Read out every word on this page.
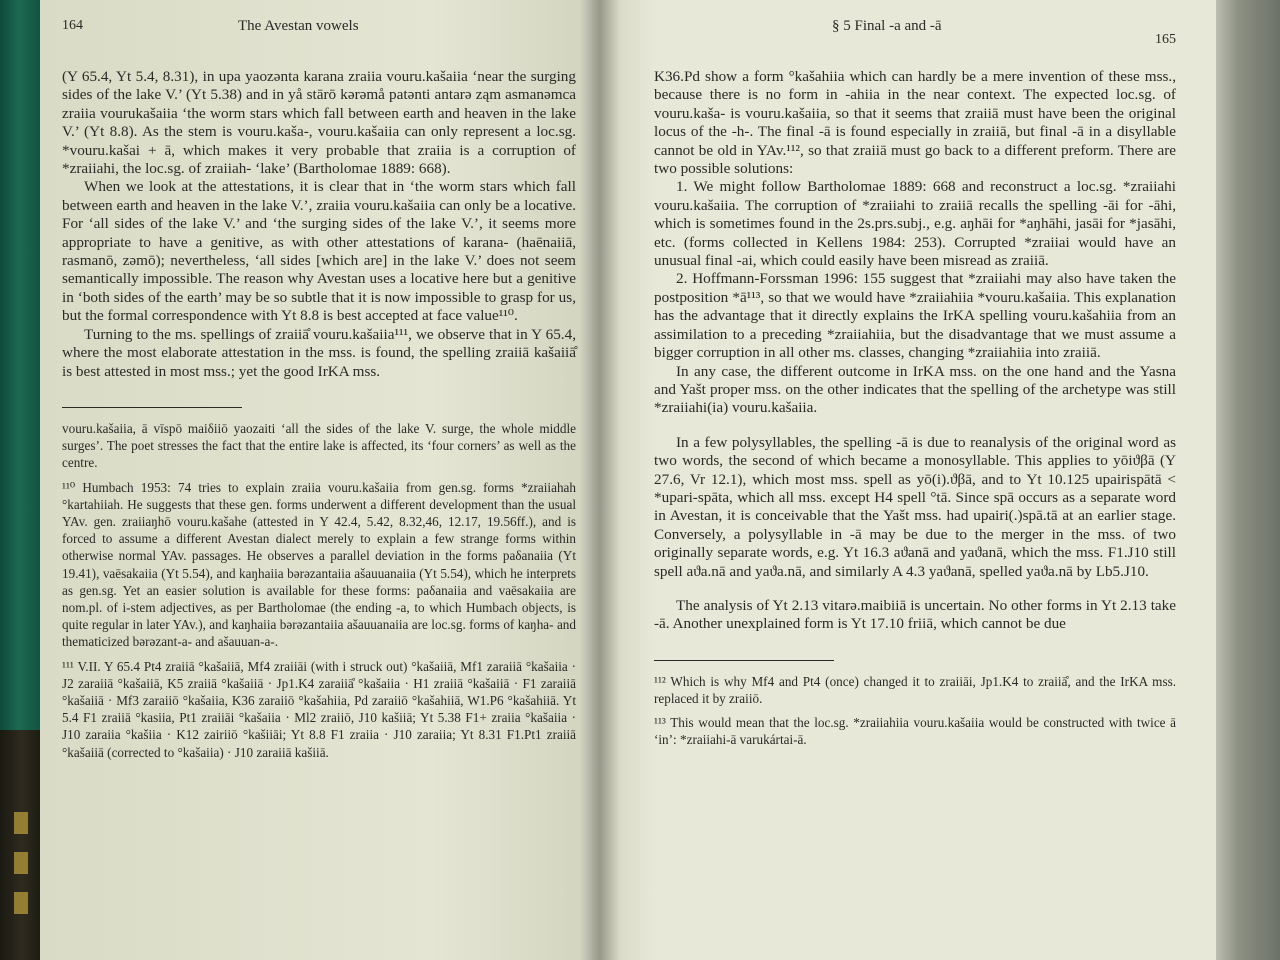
164	The Avestan vowels

(Y 65.4, Yt 5.4, 8.31), in upa yaozənta karana zraiia vouru.kašaiia ‘near the surging sides of the lake V.’ (Yt 5.38) and in yå stārō kərəmå patənti antarə ząm asmanəmca zraiia vourukašaiia ‘the worm stars which fall between earth and heaven in the lake V.’ (Yt 8.8). As the stem is vouru.kaša-, vouru.kašaiia can only represent a loc.sg. *vouru.kašai + ā, which makes it very probable that zraiia is a corruption of *zraiiahi, the loc.sg. of zraiiah- ‘lake’ (Bartholomae 1889: 668).

When we look at the attestations, it is clear that in ‘the worm stars which fall between earth and heaven in the lake V.’, zraiia vouru.kašaiia can only be a locative. For ‘all sides of the lake V.’ and ‘the surging sides of the lake V.’, it seems more appropriate to have a genitive, as with other attestations of karana- (haēnaiiā, rasmanō, zəmō); nevertheless, ‘all sides [which are] in the lake V.’ does not seem semantically impossible. The reason why Avestan uses a locative here but a genitive in ‘both sides of the earth’ may be so subtle that it is now impossible to grasp for us, but the formal correspondence with Yt 8.8 is best accepted at face value¹¹⁰.

Turning to the ms. spellings of zraiiā̊ vouru.kašaiia¹¹¹, we observe that in Y 65.4, where the most elaborate attestation in the mss. is found, the spelling zraiiā kašaiiā̊ is best attested in most mss.; yet the good IrKA mss.

vouru.kašaiia, ā vīspō maiδiiō yaozaiti ‘all the sides of the lake V. surge, the whole middle surges’. The poet stresses the fact that the entire lake is affected, its ‘four corners’ as well as the centre.
¹¹⁰ Humbach 1953: 74 tries to explain zraiia vouru.kašaiia from gen.sg. forms *zraiiahah °kartahiiah. He suggests that these gen. forms underwent a different development than the usual YAv. gen. zraiiaŋhō vouru.kašahe (attested in Y 42.4, 5.42, 8.32,46, 12.17, 19.56ff.), and is forced to assume a different Avestan dialect merely to explain a few strange forms within otherwise normal YAv. passages. He observes a parallel deviation in the forms paδanaiia (Yt 19.41), vaēsakaiia (Yt 5.54), and kaŋhaiia bərəzantaiia ašauuanaiia (Yt 5.54), which he interprets as gen.sg. Yet an easier solution is available for these forms: paδanaiia and vaēsakaiia are nom.pl. of i-stem adjectives, as per Bartholomae (the ending -a, to which Humbach objects, is quite regular in later YAv.), and kaŋhaiia bərəzantaiia ašauuanaiia are loc.sg. forms of kaŋha- and thematicized bərəzant-a- and ašauuan-a-.
¹¹¹ V.II. Y 65.4 Pt4 zraiiā °kašaiiā, Mf4 zraiiāi (with i struck out) °kašaiiā, Mf1 zaraiiā °kašaiia · J2 zaraiiā °kašaiiā, K5 zraiiā °kašaiiā · Jp1.K4 zaraiiā̊ °kašaiia · H1 zraiiā °kašaiiā · F1 zaraiiā °kašaiiā · Mf3 zaraiiō °kašaiia, K36 zaraiiō °kašahiia, Pd zaraiiō °kašahiiā, W1.P6 °kašahiiā. Yt 5.4 F1 zraiiā °kasiia, Pt1 zraiiāi °kašaiia · Ml2 zraiiō, J10 kašiiā; Yt 5.38 F1+ zraiia °kašaiia · J10 zaraiia °kašiia · K12 zairiiō °kašiiāi; Yt 8.8 F1 zraiia · J10 zaraiia; Yt 8.31 F1.Pt1 zraiiā °kašaiiā (corrected to °kašaiia) · J10 zaraiiā kašiiā.
§ 5 Final -a and -ā
165

K36.Pd show a form °kašahiia which can hardly be a mere invention of these mss., because there is no form in -ahiia in the near context. The expected loc.sg. of vouru.kaša- is vouru.kašaiia, so that it seems that zraiiā must have been the original locus of the -h-. The final -ā is found especially in zraiiā, but final -ā in a disyllable cannot be old in YAv.¹¹², so that zraiiā must go back to a different preform. There are two possible solutions:

1. We might follow Bartholomae 1889: 668 and reconstruct a loc.sg. *zraiiahi vouru.kašaiia. The corruption of *zraiiahi to zraiiā recalls the spelling -āi for -āhi, which is sometimes found in the 2s.prs.subj., e.g. aŋhāi for *aŋhāhi, jasāi for *jasāhi, etc. (forms collected in Kellens 1984: 253). Corrupted *zraiiai would have an unusual final -ai, which could easily have been misread as zraiiā.

2. Hoffmann-Forssman 1996: 155 suggest that *zraiiahi may also have taken the postposition *ā¹¹³, so that we would have *zraiiahiia *vouru.kašaiia. This explanation has the advantage that it directly explains the IrKA spelling vouru.kašahiia from an assimilation to a preceding *zraiiahiia, but the disadvantage that we must assume a bigger corruption in all other ms. classes, changing *zraiiahiia into zraiiā.

In any case, the different outcome in IrKA mss. on the one hand and the Yasna and Yašt proper mss. on the other indicates that the spelling of the archetype was still *zraiiahi(ia) vouru.kašaiia.

In a few polysyllables, the spelling -ā is due to reanalysis of the original word as two words, the second of which became a monosyllable. This applies to yōiϑβā (Y 27.6, Vr 12.1), which most mss. spell as yō(i).ϑβā, and to Yt 10.125 upairispātā < *upari-spāta, which all mss. except H4 spell °tā. Since spā occurs as a separate word in Avestan, it is conceivable that the Yašt mss. had upairi(.)spā.tā at an earlier stage. Conversely, a polysyllable in -ā may be due to the merger in the mss. of two originally separate words, e.g. Yt 16.3 aϑanā and yaϑanā, which the mss. F1.J10 still spell aϑa.nā and yaϑa.nā, and similarly A 4.3 yaϑanā, spelled yaϑa.nā by Lb5.J10.

The analysis of Yt 2.13 vitarə.maibiiā is uncertain. No other forms in Yt 2.13 take -ā. Another unexplained form is Yt 17.10 friiā, which cannot be due

¹¹² Which is why Mf4 and Pt4 (once) changed it to zraiiāi, Jp1.K4 to zraiiā̊, and the IrKA mss. replaced it by zraiiō.
¹¹³ This would mean that the loc.sg. *zraiiahiia vouru.kašaiia would be constructed with twice ā ‘in’: *zraiiahi-ā varukártai-ā.
